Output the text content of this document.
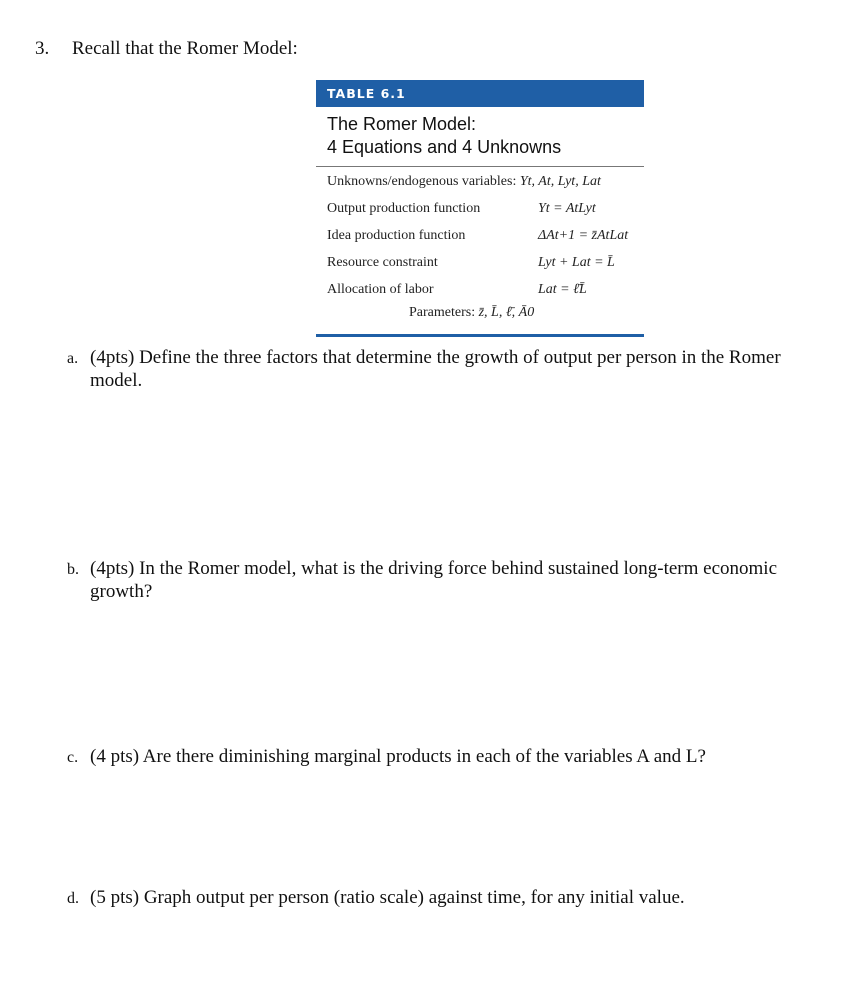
3. Recall that the Romer Model:
TABLE 6.1
The Romer Model:
4 Equations and 4 Unknowns
Unknowns/endogenous variables: Yt, At, Lyt, Lat
Output production function	Yt = AtLyt
Idea production function	ΔAt+1 = z̄AtLat
Resource constraint	Lyt + Lat = L̄
Allocation of labor	Lat = ℓ̄L̄
Parameters: z̄, L̄, ℓ̄, Ā0
a. (4pts) Define the three factors that determine the growth of output per person in the Romer
model.
b. (4pts) In the Romer model, what is the driving force behind sustained long-term economic
growth?
c. (4 pts) Are there diminishing marginal products in each of the variables A and L?
d. (5 pts) Graph output per person (ratio scale) against time, for any initial value.
